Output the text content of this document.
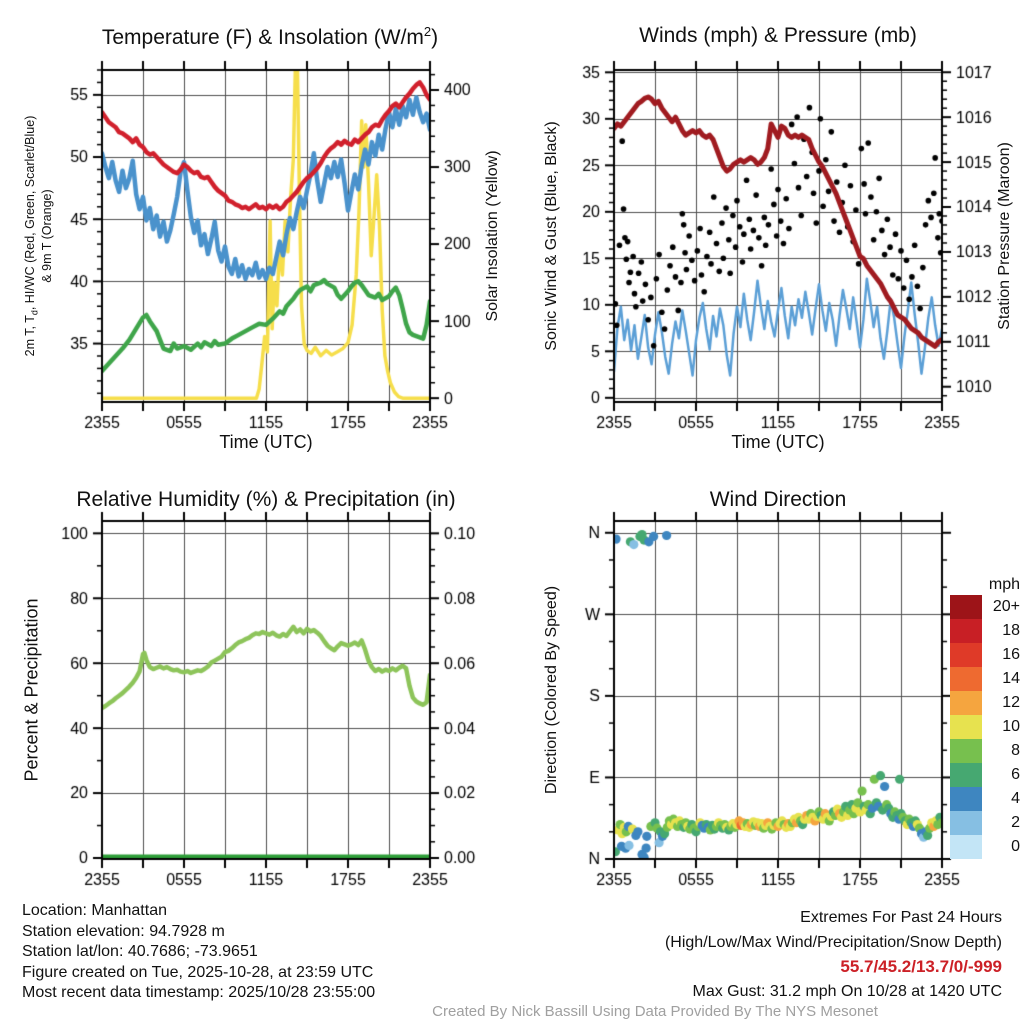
Temperature (F) & Insolation $(W/m^2)$	Winds (mph) & Pressure (mb)
Relative Humidity (%) & Precipitation (in)	Wind Direction
2m T, $T_d$, HI/WC (Red, Green, Scarlet/Blue) & 9m T (Orange)	Solar Insolation (Yellow)	Sonic Wind & Gust (Blue, Black)	Station Pressure (Maroon)
Percent & Precipitation	Direction (Colored By Speed)
Time (UTC)	Time (UTC)
mph
20+
18
16
14
12
10
8
6
4
2
0
Location: Manhattan
Station elevation: 94.7928 m
Station lat/lon: 40.7686; -73.9651
Figure created on Tue, 2025-10-28, at 23:59 UTC
Most recent data timestamp: 2025/10/28 23:55:00
Extremes For Past 24 Hours
(High/Low/Max Wind/Precipitation/Snow Depth)
55.7/45.2/13.7/0/-999
Max Gust: 31.2 mph On 10/28 at 1420 UTC
Created By Nick Bassill Using Data Provided By The NYS Mesonet
